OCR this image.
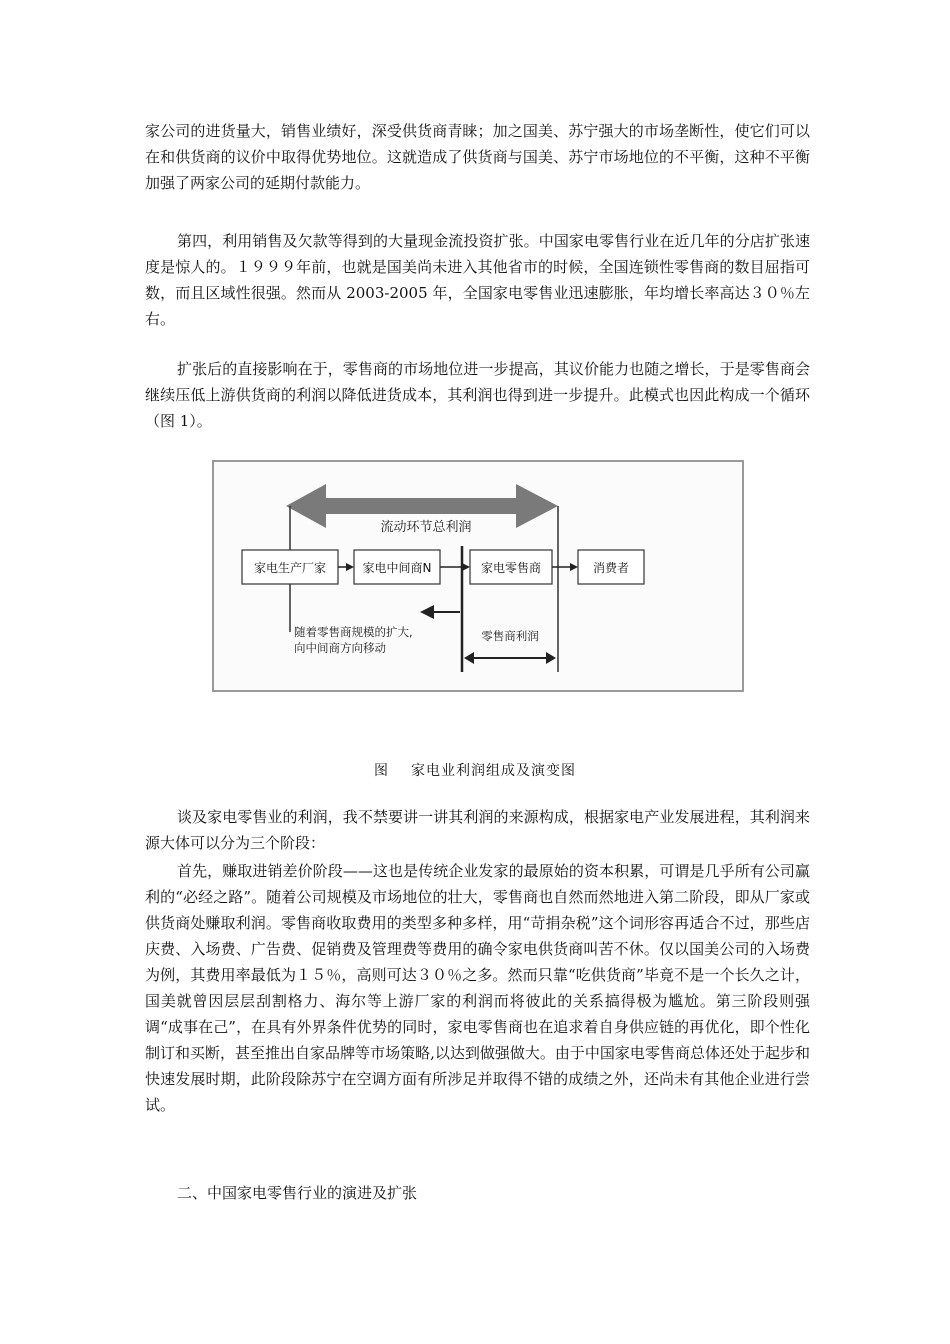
家公司的进货量大，销售业绩好，深受供货商青睐；加之国美、苏宁强大的市场垄断性，使它们可以在和供货商的议价中取得优势地位。这就造成了供货商与国美、苏宁市场地位的不平衡，这种不平衡加强了两家公司的延期付款能力。

第四，利用销售及欠款等得到的大量现金流投资扩张。中国家电零售行业在近几年的分店扩张速度是惊人的。１９９９年前，也就是国美尚未进入其他省市的时候，全国连锁性零售商的数目屈指可数，而且区域性很强。然而从 2003-2005 年，全国家电零售业迅速膨胀，年均增长率高达３０％左右。

扩张后的直接影响在于，零售商的市场地位进一步提高，其议价能力也随之增长，于是零售商会继续压低上游供货商的利润以降低进货成本，其利润也得到进一步提升。此模式也因此构成一个循环（图 1）。

流动环节总利润
家电生产厂家	家电中间商N	家电零售商	消费者
随着零售商规模的扩大,
向中间商方向移动
零售商利润
图 家电业利润组成及演变图

谈及家电零售业的利润，我不禁要讲一讲其利润的来源构成，根据家电产业发展进程，其利润来源大体可以分为三个阶段：

首先，赚取进销差价阶段——这也是传统企业发家的最原始的资本积累，可谓是几乎所有公司赢利的“必经之路”。随着公司规模及市场地位的壮大，零售商也自然而然地进入第二阶段，即从厂家或供货商处赚取利润。零售商收取费用的类型多种多样，用“苛捐杂税”这个词形容再适合不过，那些店庆费、入场费、广告费、促销费及管理费等费用的确令家电供货商叫苦不休。仅以国美公司的入场费为例，其费用率最低为１５％，高则可达３０％之多。然而只靠“吃供货商”毕竟不是一个长久之计，国美就曾因层层刮割格力、海尔等上游厂家的利润而将彼此的关系搞得极为尴尬。第三阶段则强调“成事在己”，在具有外界条件优势的同时，家电零售商也在追求着自身供应链的再优化，即个性化制订和买断，甚至推出自家品牌等市场策略,以达到做强做大。由于中国家电零售商总体还处于起步和快速发展时期，此阶段除苏宁在空调方面有所涉足并取得不错的成绩之外，还尚未有其他企业进行尝试。

二、中国家电零售行业的演进及扩张
